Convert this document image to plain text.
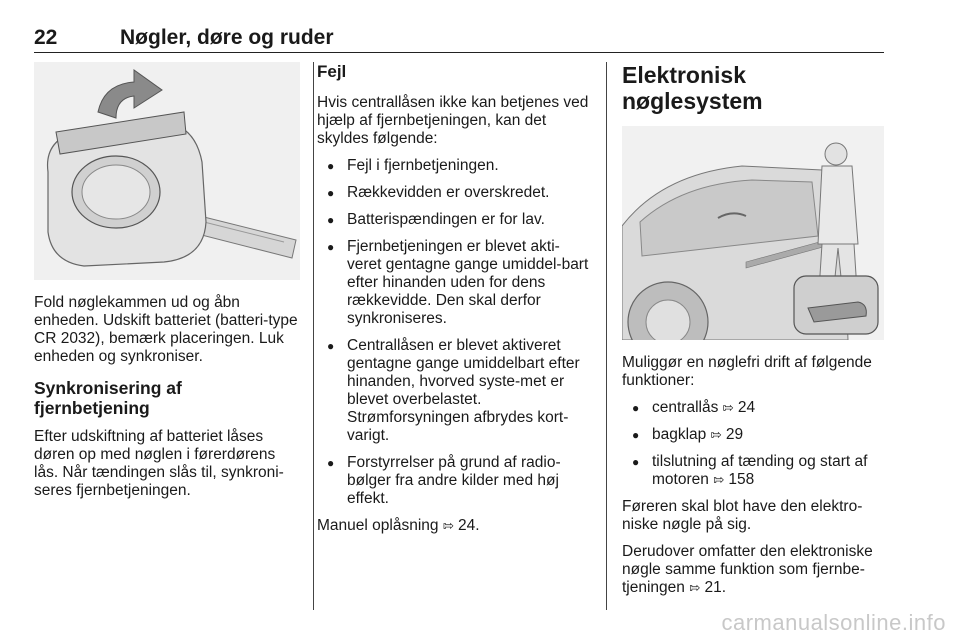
22	Nøgler, døre og ruder

Fold nøglekammen ud og åbn enheden. Udskift batteriet (batteri-type CR 2032), bemærk placeringen. Luk enheden og synkroniser.

Synkronisering af fjernbetjening

Efter udskiftning af batteriet låses døren op med nøglen i førerdørens lås. Når tændingen slås til, synkroni-seres fjernbetjeningen.

Fejl

Hvis centrallåsen ikke kan betjenes ved hjælp af fjernbetjeningen, kan det skyldes følgende:

● Fejl i fjernbetjeningen.
● Rækkevidden er overskredet.
● Batterispændingen er for lav.
● Fjernbetjeningen er blevet akti-veret gentagne gange umiddel-bart efter hinanden uden for dens rækkevidde. Den skal derfor synkroniseres.
● Centrallåsen er blevet aktiveret gentagne gange umiddelbart efter hinanden, hvorved syste-met er blevet overbelastet. Strømforsyningen afbrydes kort-varigt.
● Forstyrrelser på grund af radio-bølger fra andre kilder med høj effekt.

Manuel oplåsning ⇰ 24.

Elektronisk nøglesystem

Muliggør en nøglefri drift af følgende funktioner:

● centrallås ⇰ 24
● bagklap ⇰ 29
● tilslutning af tænding og start af motoren ⇰ 158

Føreren skal blot have den elektro-niske nøgle på sig.

Derudover omfatter den elektroniske nøgle samme funktion som fjernbe-tjeningen ⇰ 21.

carmanualsonline.info
